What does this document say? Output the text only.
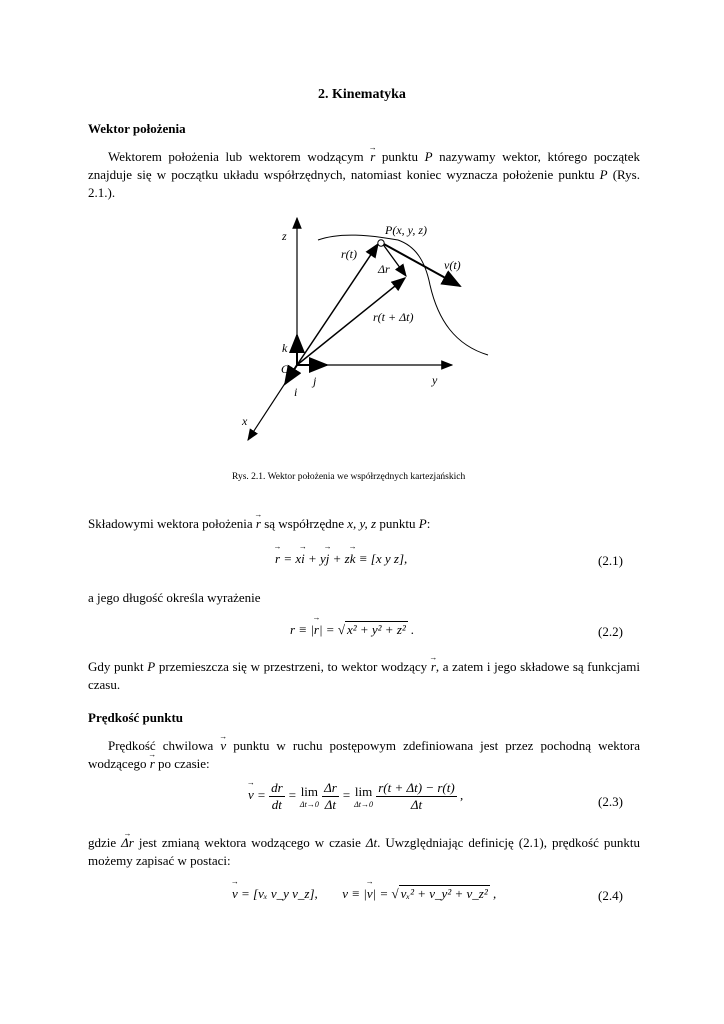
2. Kinematyka
Wektor położenia
Wektorem położenia lub wektorem wodzącym → r punktu P nazywamy wektor, którego początek znajduje się w początku układu współrzędnych, natomiast koniec wyznacza położenie punktu P (Rys. 2.1.).
z
y
x
O
k
j
i
P(x, y, z)
r(t)
Δr	v(t)
r(t + Δt)
Rys. 2.1. Wektor położenia we współrzędnych kartezjańskich
Składowymi wektora położenia → r są współrzędne x, y, z punktu P:
→ r = x→ i + y→ j + z→ k ≡ [x y z],	(2.1)
a jego długość określa wyrażenie
r ≡ |→ r| = √ x² + y² + z² .	(2.2)
Gdy punkt P przemieszcza się w przestrzeni, to wektor wodzący → r, a zatem i jego składowe są funkcjami czasu.
Prędkość punktu
Prędkość chwilowa → v punktu w ruchu postępowym zdefiniowana jest przez pochodną wektora wodzącego → r po czasie:
→ $v = \frac{dr}{dt} = \lim$
Δt→0
$\frac{\Delta r}{\Delta t} = \lim$
Δt→0
$\frac{r(t + \Delta t) - r(t)}{\Delta t}$ ,	(2.3)
gdzie → Δr jest zmianą wektora wodzącego w czasie Δt. Uwzględniając definicję (2.1), prędkość punktu możemy zapisać w postaci:
→ v = [vₓ v_y v_z], v ≡ |→ v| = √ vₓ² + v_y² + v_z² ,	(2.4)
